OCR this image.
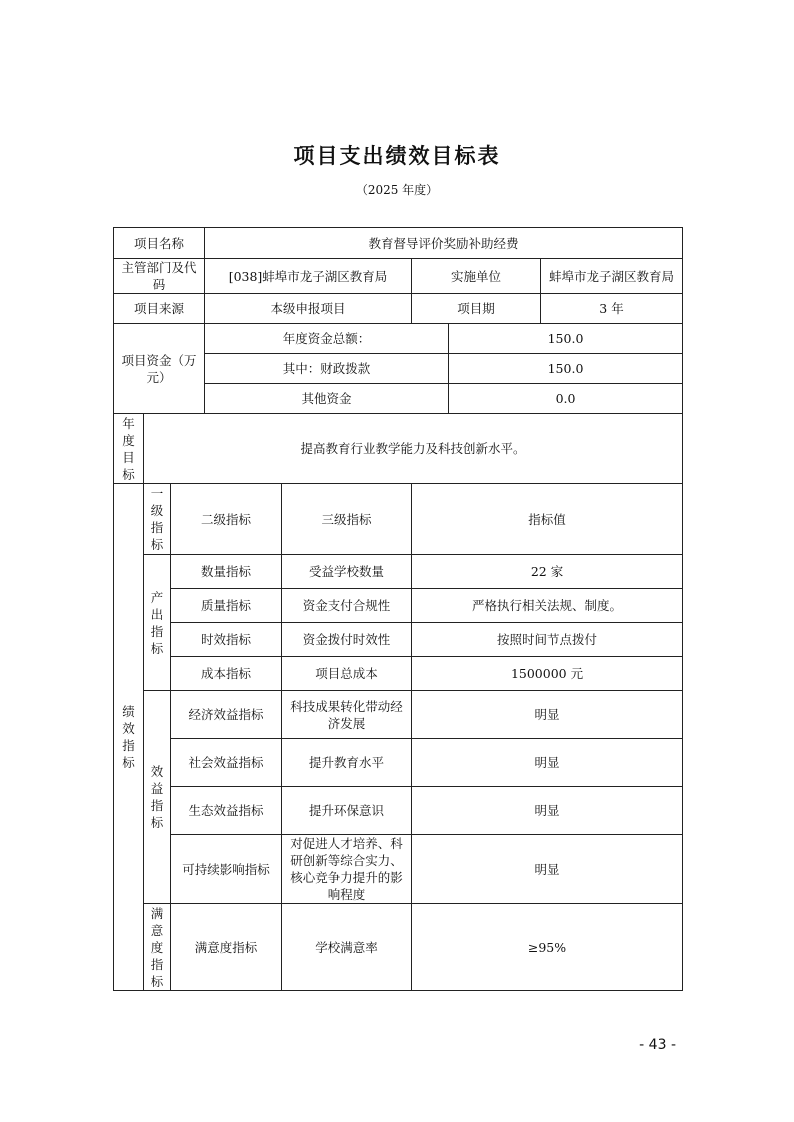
项目支出绩效目标表
（2025 年度）
项目名称			教育督导评价奖励补助经费				
主管部门及代码			[038]蚌埠市龙子湖区教育局		实施单位		蚌埠市龙子湖区教育局
项目来源			本级申报项目		项目期		3 年
项目资金（万元）			年度资金总额：			150.0	
			其中：财政拨款			150.0	
			其他资金			0.0	
年度目标	提高教育行业教学能力及科技创新水平。						
绩效指标	一级指标	二级指标		三级指标	指标值		
	产出指标	数量指标		受益学校数量	22 家		
		质量指标		资金支付合规性	严格执行相关法规、制度。		
		时效指标		资金拨付时效性	按照时间节点拨付		
		成本指标		项目总成本	1500000 元		
	效益指标	经济效益指标		科技成果转化带动经济发展	明显		
		社会效益指标		提升教育水平	明显		
		生态效益指标		提升环保意识	明显		
		可持续影响指标		对促进人才培养、科研创新等综合实力、核心竞争力提升的影响程度	明显		
	满意度指标	满意度指标		学校满意率	≥95%		
- 43 -
